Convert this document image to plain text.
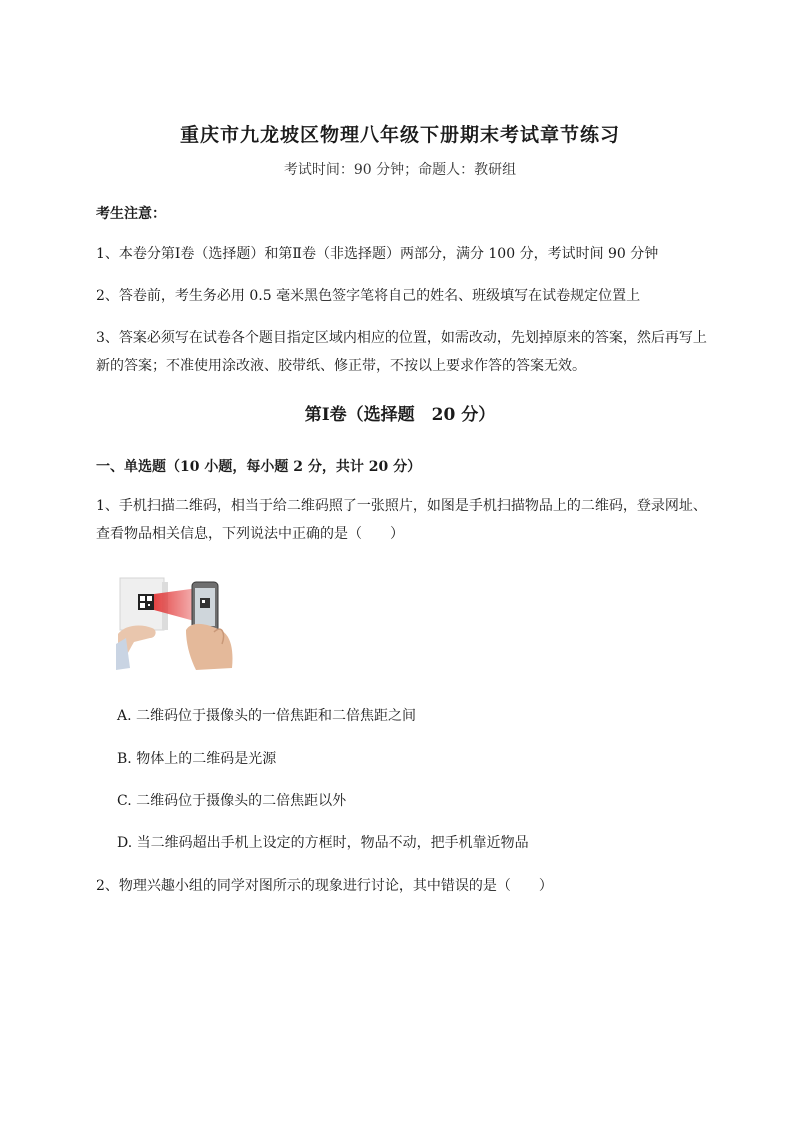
重庆市九龙坡区物理八年级下册期末考试章节练习
考试时间：90 分钟；命题人：教研组
考生注意：
1、本卷分第Ⅰ卷（选择题）和第Ⅱ卷（非选择题）两部分，满分 100 分，考试时间 90 分钟
2、答卷前，考生务必用 0.5 毫米黑色签字笔将自己的姓名、班级填写在试卷规定位置上
3、答案必须写在试卷各个题目指定区域内相应的位置，如需改动，先划掉原来的答案，然后再写上新的答案；不准使用涂改液、胶带纸、修正带，不按以上要求作答的答案无效。
第Ⅰ卷（选择题　20 分）
一、单选题（10 小题，每小题 2 分，共计 20 分）
1、手机扫描二维码，相当于给二维码照了一张照片，如图是手机扫描物品上的二维码，登录网址、查看物品相关信息，下列说法中正确的是（　　）
A. 二维码位于摄像头的一倍焦距和二倍焦距之间
B. 物体上的二维码是光源
C. 二维码位于摄像头的二倍焦距以外
D. 当二维码超出手机上设定的方框时，物品不动，把手机靠近物品
2、物理兴趣小组的同学对图所示的现象进行讨论，其中错误的是（　　）
